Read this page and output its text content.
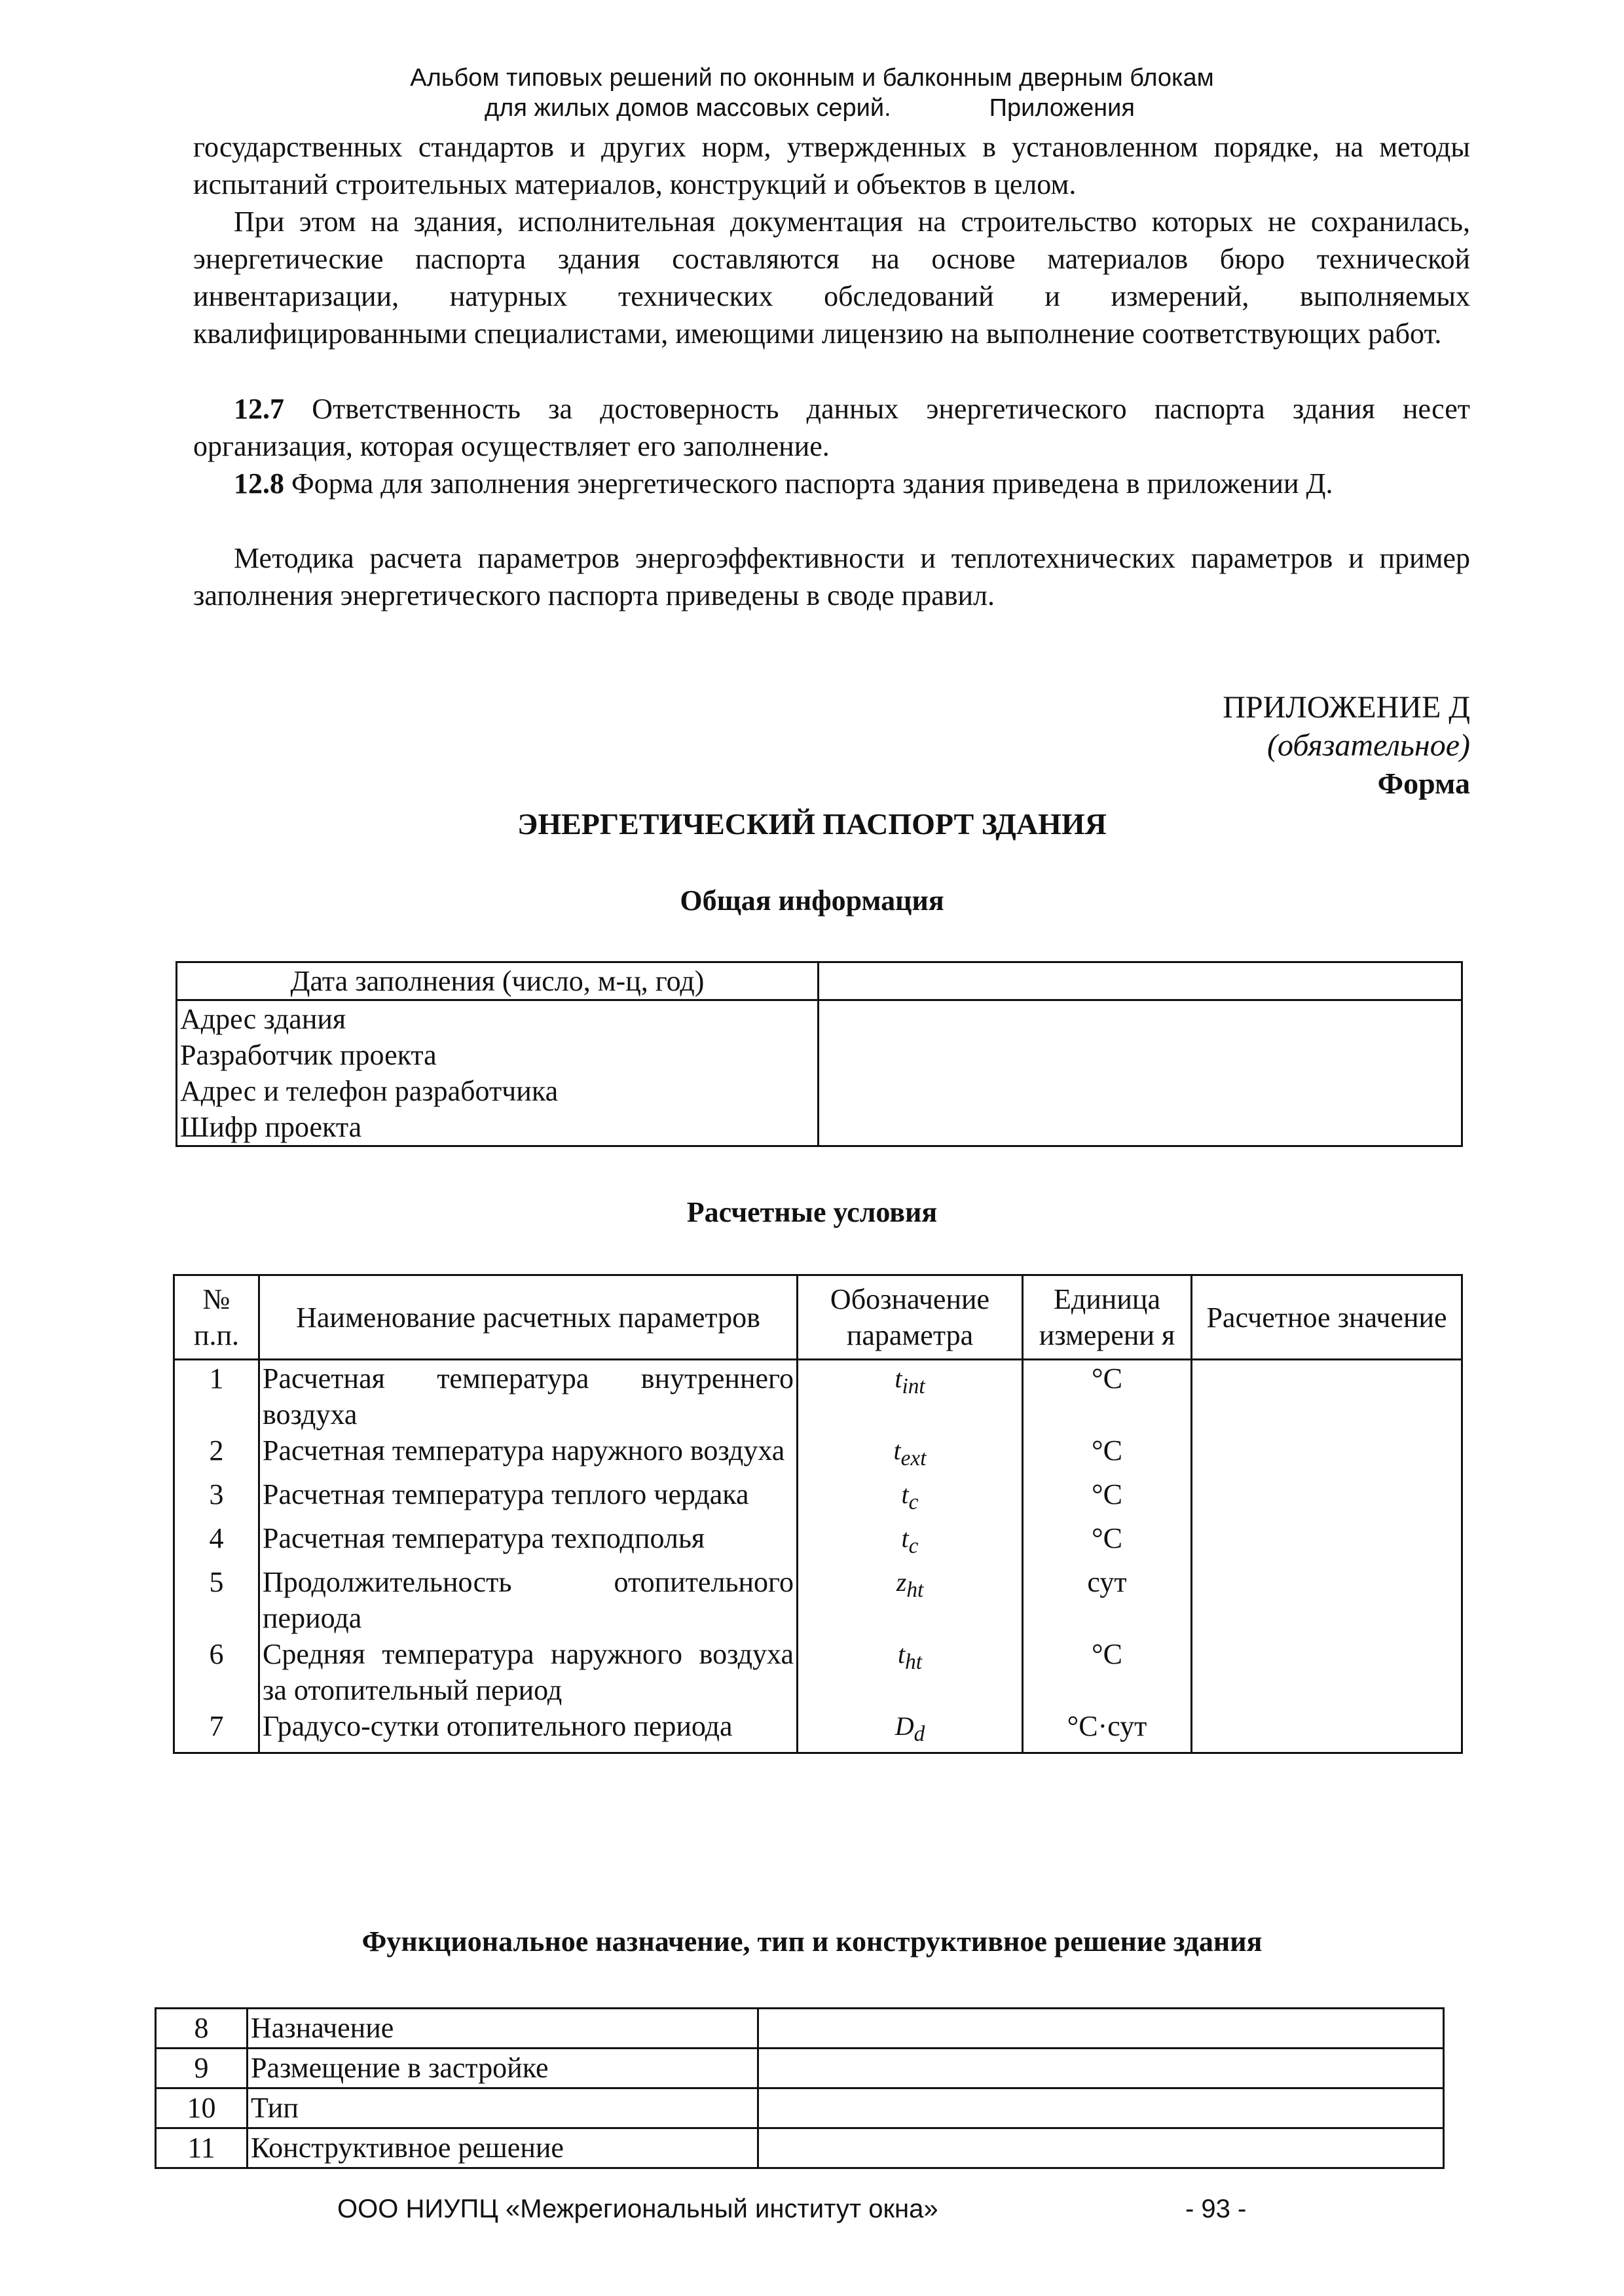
Альбом типовых решений по оконным и балконным дверным блокам
для жилых домов массовых серий.	Приложения
государственных стандартов и других норм, утвержденных в установленном порядке, на методы испытаний строительных материалов, конструкций и объектов в целом.
При этом на здания, исполнительная документация на строительство которых не сохранилась, энергетические паспорта здания составляются на основе материалов бюро технической инвентаризации, натурных технических обследований и измерений, выполняемых квалифицированными специалистами, имеющими лицензию на выполнение соответствующих работ.
12.7 Ответственность за достоверность данных энергетического паспорта здания несет организация, которая осуществляет его заполнение.
12.8 Форма для заполнения энергетического паспорта здания приведена в приложении Д.
Методика расчета параметров энергоэффективности и теплотехнических параметров и пример заполнения энергетического паспорта приведены в своде правил.
ПРИЛОЖЕНИЕ Д
(обязательное)
Форма
ЭНЕРГЕТИЧЕСКИЙ ПАСПОРТ ЗДАНИЯ
Общая информация
Дата заполнения (число, м-ц, год)	
Адрес здания	
Разработчик проекта	
Адрес и телефон разработчика	
Шифр проекта	
Расчетные условия
№ п.п.	Наименование расчетных параметров	Обозначение параметра	Единица измерени я	Расчетное значение
1	Расчетная температура внутреннего воздуха	$t_{int}$	°С	
2	Расчетная температура наружного воздуха	$t_{ext}$	°С	
3	Расчетная температура теплого чердака	$t_c$	°С	
4	Расчетная температура техподполья	$t_c$	°С	
5	Продолжительность отопительного периода	$z_{ht}$	сут	
6	Средняя температура наружного воздуха за отопительный период	$t_{ht}$	°С	
7	Градусо-сутки отопительного периода	$D_d$	°С·сут	
Функциональное назначение, тип и конструктивное решение здания
8	Назначение	
9	Размещение в застройке	
10	Тип	
11	Конструктивное решение	
ООО НИУПЦ «Межрегиональный институт окна»	- 93 -
